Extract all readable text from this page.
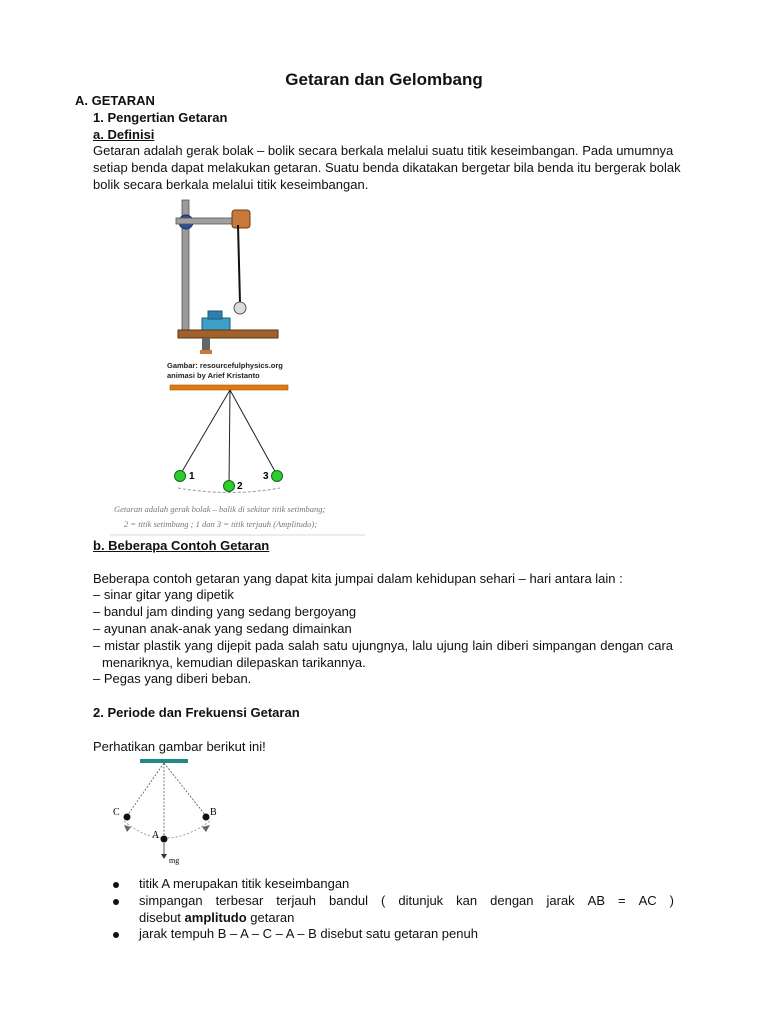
Getaran dan Gelombang
A. GETARAN
1. Pengertian Getaran
a. Definisi
Getaran adalah gerak bolak – bolik secara berkala melalui suatu titik keseimbangan. Pada umumnya
setiap benda dapat melakukan getaran. Suatu benda dikatakan bergetar bila benda itu bergerak bolak
bolik secara berkala melalui titik keseimbangan.
Gambar: resourcefulphysics.org
animasi by Arief Kristanto
1
2
3
Getaran adalah gerak bolak – balik di sekitar titik setimbang;
2 = titik setimbang ; 1 dan 3 = titik terjauh (Amplitudo);
b. Beberapa Contoh Getaran
Beberapa contoh getaran yang dapat kita jumpai dalam kehidupan sehari – hari antara lain :
– sinar gitar yang dipetik
– bandul jam dinding yang sedang bergoyang
– ayunan anak-anak yang sedang dimainkan
– mistar plastik yang dijepit pada salah satu ujungnya, lalu ujung lain diberi simpangan dengan cara
menariknya, kemudian dilepaskan tarikannya.
– Pegas yang diberi beban.
2. Periode dan Frekuensi Getaran
Perhatikan gambar berikut ini!
C	B
A
mg
titik A merupakan titik keseimbangan
simpangan terbesar terjauh bandul ( ditunjuk kan dengan jarak AB = AC )
disebut amplitudo getaran
jarak tempuh B – A – C – A – B disebut satu getaran penuh
